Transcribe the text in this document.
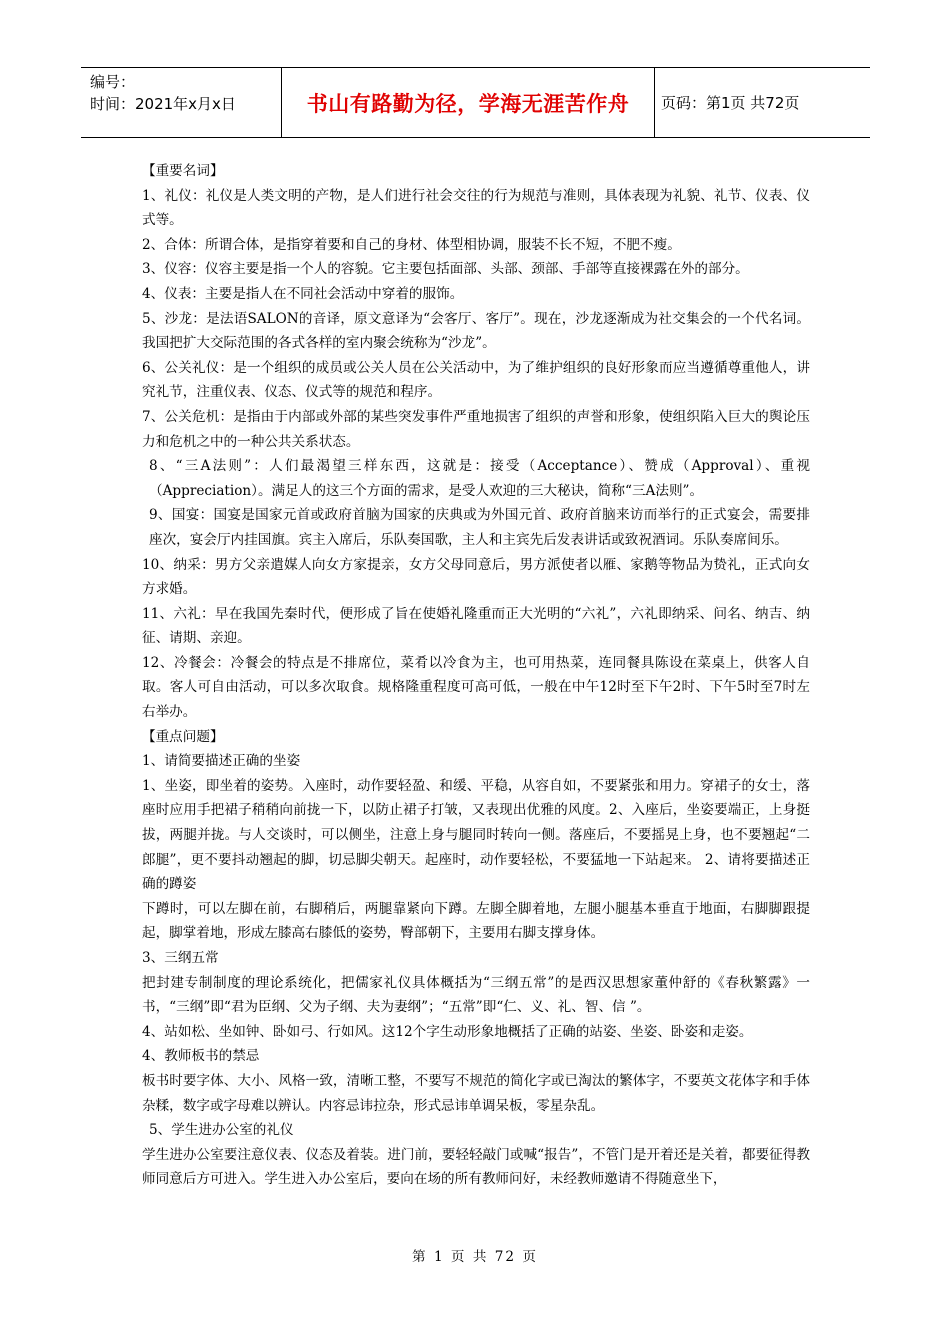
编号：
时间：2021年x月x日	书山有路勤为径，学海无涯苦作舟	页码：第1页 共72页

【重要名词】

1、礼仪：礼仪是人类文明的产物，是人们进行社会交往的行为规范与准则，具体表现为礼貌、礼节、仪表、仪式等。

2、合体：所谓合体，是指穿着要和自己的身材、体型相协调，服装不长不短，不肥不瘦。

3、仪容：仪容主要是指一个人的容貌。它主要包括面部、头部、颈部、手部等直接裸露在外的部分。

4、仪表：主要是指人在不同社会活动中穿着的服饰。

5、沙龙：是法语SALON的音译，原文意译为“会客厅、客厅”。现在，沙龙逐渐成为社交集会的一个代名词。我国把扩大交际范围的各式各样的室内聚会统称为“沙龙”。

6、公关礼仪：是一个组织的成员或公关人员在公关活动中，为了维护组织的良好形象而应当遵循尊重他人，讲究礼节，注重仪表、仪态、仪式等的规范和程序。

7、公关危机：是指由于内部或外部的某些突发事件严重地损害了组织的声誉和形象，使组织陷入巨大的舆论压力和危机之中的一种公共关系状态。

8、“三A法则”：人们最渴望三样东西，这就是：接受（Acceptance）、赞成（Approval）、重视（Appreciation）。满足人的这三个方面的需求，是受人欢迎的三大秘诀，简称“三A法则”。

9、国宴：国宴是国家元首或政府首脑为国家的庆典或为外国元首、政府首脑来访而举行的正式宴会，需要排座次，宴会厅内挂国旗。宾主入席后，乐队奏国歌，主人和主宾先后发表讲话或致祝酒词。乐队奏席间乐。

10、纳采：男方父亲遣媒人向女方家提亲，女方父母同意后，男方派使者以雁、家鹅等物品为贽礼，正式向女方求婚。

11、六礼：早在我国先秦时代，便形成了旨在使婚礼隆重而正大光明的“六礼”，六礼即纳采、问名、纳吉、纳征、请期、亲迎。

12、冷餐会：冷餐会的特点是不排席位，菜肴以冷食为主，也可用热菜，连同餐具陈设在菜桌上，供客人自取。客人可自由活动，可以多次取食。规格隆重程度可高可低，一般在中午12时至下午2时、下午5时至7时左右举办。

【重点问题】

1、请简要描述正确的坐姿

1、坐姿，即坐着的姿势。入座时，动作要轻盈、和缓、平稳，从容自如，不要紧张和用力。穿裙子的女士，落座时应用手把裙子稍稍向前拢一下，以防止裙子打皱，又表现出优雅的风度。2、入座后，坐姿要端正，上身挺拔，两腿并拢。与人交谈时，可以侧坐，注意上身与腿同时转向一侧。落座后，不要摇晃上身，也不要翘起“二郎腿”，更不要抖动翘起的脚，切忌脚尖朝天。起座时，动作要轻松，不要猛地一下站起来。 2、请将要描述正确的蹲姿

下蹲时，可以左脚在前，右脚稍后，两腿靠紧向下蹲。左脚全脚着地，左腿小腿基本垂直于地面，右脚脚跟提起，脚掌着地，形成左膝高右膝低的姿势，臀部朝下，主要用右脚支撑身体。

3、三纲五常

把封建专制制度的理论系统化，把儒家礼仪具体概括为“三纲五常”的是西汉思想家董仲舒的《春秋繁露》一书，“三纲”即“君为臣纲、父为子纲、夫为妻纲”；“五常”即“仁、义、礼、智、信 ”。

4、站如松、坐如钟、卧如弓、行如风。这12个字生动形象地概括了正确的站姿、坐姿、卧姿和走姿。

4、教师板书的禁忌

板书时要字体、大小、风格一致，清晰工整，不要写不规范的简化字或已淘汰的繁体字，不要英文花体字和手体杂糅，数字或字母难以辨认。内容忌讳拉杂，形式忌讳单调呆板，零星杂乱。

5、学生进办公室的礼仪

学生进办公室要注意仪表、仪态及着装。进门前，要轻轻敲门或喊“报告”，不管门是开着还是关着，都要征得教师同意后方可进入。学生进入办公室后，要向在场的所有教师问好，未经教师邀请不得随意坐下，

第 1 页 共 72 页
